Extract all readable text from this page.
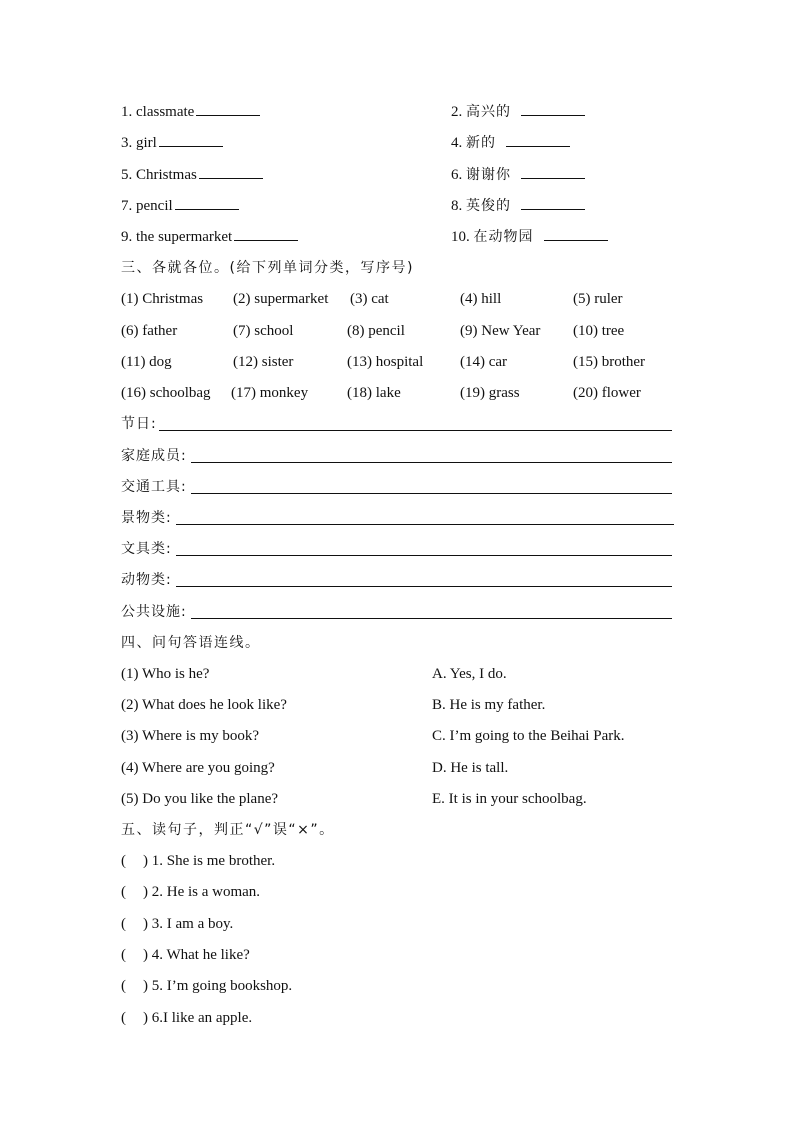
1. classmate	2. 高兴的
3. girl	4. 新的
5. Christmas	6. 谢谢你
7. pencil	8. 英俊的
9. the supermarket	10. 在动物园
三、各就各位。(给下列单词分类，写序号)
(1) Christmas (2) supermarket (3) cat	(4) hill	(5) ruler
(6) father	(7) school	(8) pencil	(9) New Year (10) tree
(11) dog	(12) sister	(13) hospital (14) car	(15) brother
(16) schoolbag (17) monkey	(18) lake	(19) grass	(20) flower
节日:
家庭成员:
交通工具:
景物类:
文具类:
动物类:
公共设施:
四、问句答语连线。
(1) Who is he?	A. Yes, I do.
(2) What does he look like?	B. He is my father.
(3) Where is my book?	C. I’m going to the Beihai Park.
(4) Where are you going?	D. He is tall.
(5) Do you like the plane?	E. It is in your schoolbag.
五、读句子，判正“√”误“×”。
( ) 1. She is me brother.
( ) 2. He is a woman.
( ) 3. I am a boy.
( ) 4. What he like?
( ) 5. I’m going bookshop.
( ) 6.I like an apple.
